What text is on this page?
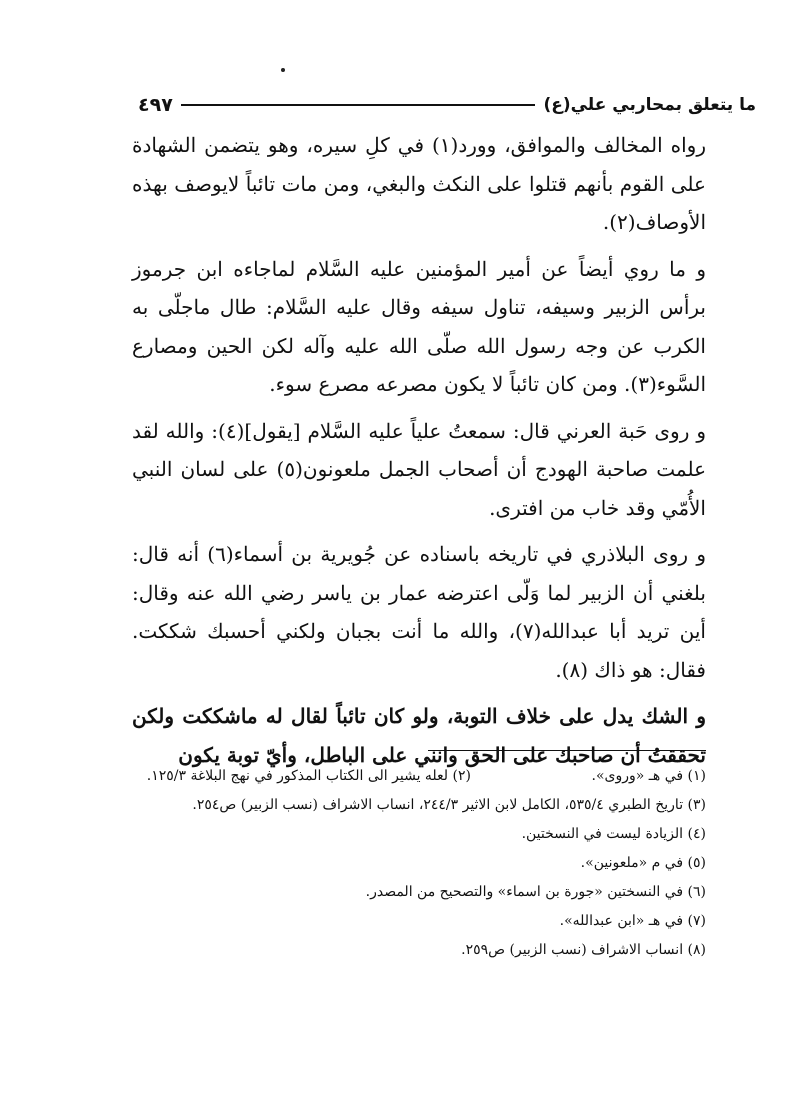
ما يتعلق بمحاربي علي(ع)
٤٩٧

رواه المخالف والموافق، وورد(١) في كلِ سيره، وهو يتضمن الشهادة على القوم بأنهم قتلوا على النكث والبغي، ومن مات تائباً لايوصف بهذه الأوصاف(٢).

و ما روي أيضاً عن أمير المؤمنين عليه السَّلام لماجاءه ابن جرموز برأس الزبير وسيفه، تناول سيفه وقال عليه السَّلام: طال ماجلّى به الكرب عن وجه رسول الله صلّى الله عليه وآله لكن الحين ومصارع السَّوء(٣). ومن كان تائباً لا يكون مصرعه مصرع سوء.

و روى حَبة العرني قال: سمعتُ علياً عليه السَّلام [يقول](٤): والله لقد علمت صاحبة الهودج أن أصحاب الجمل ملعونون(٥) على لسان النبي الأُمّي وقد خاب من افترى.

و روى البلاذري في تاريخه باسناده عن جُويرية بن أسماء(٦) أنه قال: بلغني أن الزبير لما وَلّى اعترضه عمار بن ياسر رضي الله عنه وقال: أين تريد أبا عبدالله(٧)، والله ما أنت بجبان ولكني أحسبك شككت. فقال: هو ذاك (٨).

و الشك يدل على خلاف التوبة، ولو كان تائباً لقال له ماشككت ولكن تحققتُ أن صاحبك على الحق وانني على الباطل، وأيّ توبة يكون

(١) في هـ «وروى».
(٢) لعله يشير الى الكتاب المذكور في نهج البلاغة ١٢٥/٣.
(٣) تاريخ الطبري ٥٣٥/٤، الكامل لابن الاثير ٢٤٤/٣، انساب الاشراف (نسب الزبير) ص٢٥٤.
(٤) الزيادة ليست في النسختين.
(٥) في م «ملعونين».
(٦) في النسختين «جورة بن اسماء» والتصحيح من المصدر.
(٧) في هـ «ابن عبدالله».
(٨) انساب الاشراف (نسب الزبير) ص٢٥٩.
